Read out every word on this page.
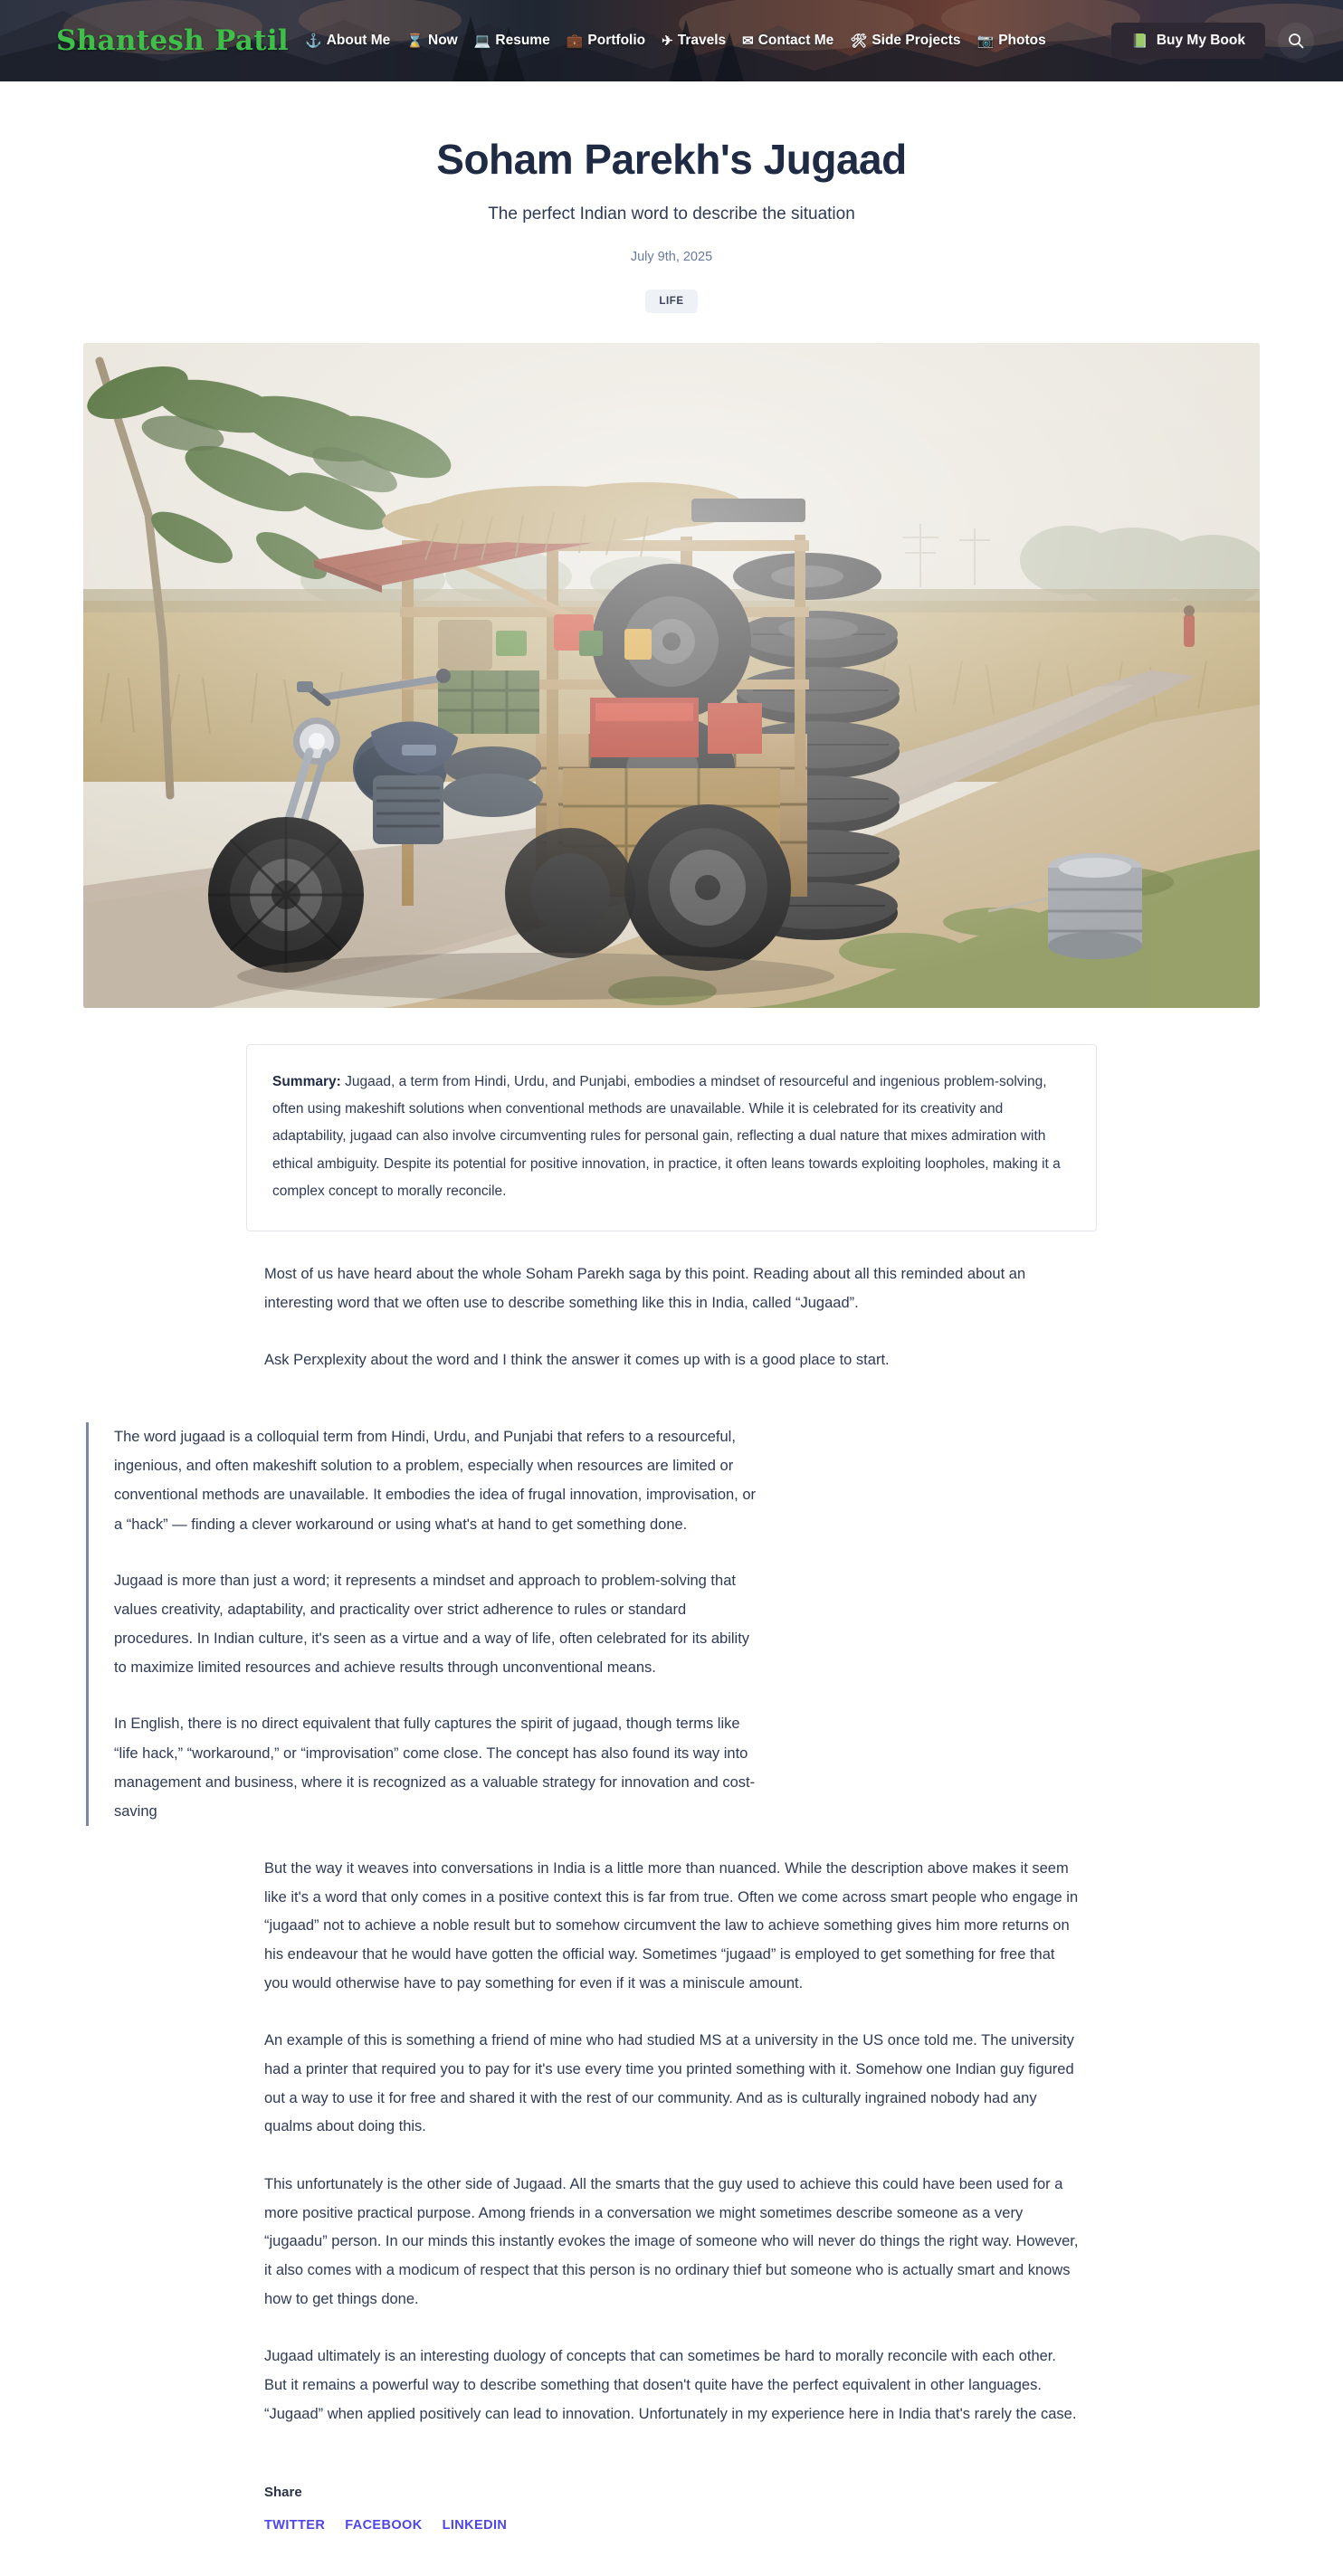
Shantesh Patil ⚓ About Me ⌛ Now 💻 Resume 💼 Portfolio ✈ Travels ✉ Contact Me 🛠 Side Projects 📷 Photos	📗 Buy My Book
Soham Parekh's Jugaad

The perfect Indian word to describe the situation

July 9th, 2025

LIFE

Summary: Jugaad, a term from Hindi, Urdu, and Punjabi, embodies a mindset of resourceful and ingenious problem-solving, often using makeshift solutions when conventional methods are unavailable. While it is celebrated for its creativity and adaptability, jugaad can also involve circumventing rules for personal gain, reflecting a dual nature that mixes admiration with ethical ambiguity. Despite its potential for positive innovation, in practice, it often leans towards exploiting loopholes, making it a complex concept to morally reconcile.

Most of us have heard about the whole Soham Parekh saga by this point. Reading about all this reminded about an interesting word that we often use to describe something like this in India, called “Jugaad”.

Ask Perxplexity about the word and I think the answer it comes up with is a good place to start.

The word jugaad is a colloquial term from Hindi, Urdu, and Punjabi that refers to a resourceful, ingenious, and often makeshift solution to a problem, especially when resources are limited or conventional methods are unavailable. It embodies the idea of frugal innovation, improvisation, or a “hack” — finding a clever workaround or using what's at hand to get something done.

Jugaad is more than just a word; it represents a mindset and approach to problem-solving that values creativity, adaptability, and practicality over strict adherence to rules or standard procedures. In Indian culture, it's seen as a virtue and a way of life, often celebrated for its ability to maximize limited resources and achieve results through unconventional means.

In English, there is no direct equivalent that fully captures the spirit of jugaad, though terms like “life hack,” “workaround,” or “improvisation” come close. The concept has also found its way into management and business, where it is recognized as a valuable strategy for innovation and cost-saving

But the way it weaves into conversations in India is a little more than nuanced. While the description above makes it seem like it's a word that only comes in a positive context this is far from true. Often we come across smart people who engage in “jugaad” not to achieve a noble result but to somehow circumvent the law to achieve something gives him more returns on his endeavour that he would have gotten the official way. Sometimes “jugaad” is employed to get something for free that you would otherwise have to pay something for even if it was a miniscule amount.

An example of this is something a friend of mine who had studied MS at a university in the US once told me. The university had a printer that required you to pay for it's use every time you printed something with it. Somehow one Indian guy figured out a way to use it for free and shared it with the rest of our community. And as is culturally ingrained nobody had any qualms about doing this.

This unfortunately is the other side of Jugaad. All the smarts that the guy used to achieve this could have been used for a more positive practical purpose. Among friends in a conversation we might sometimes describe someone as a very “jugaadu” person. In our minds this instantly evokes the image of someone who will never do things the right way. However, it also comes with a modicum of respect that this person is no ordinary thief but someone who is actually smart and knows how to get things done.

Jugaad ultimately is an interesting duology of concepts that can sometimes be hard to morally reconcile with each other. But it remains a powerful way to describe something that dosen't quite have the perfect equivalent in other languages. “Jugaad” when applied positively can lead to innovation. Unfortunately in my experience here in India that's rarely the case.

Share
TWITTER FACEBOOK LINKEDIN
